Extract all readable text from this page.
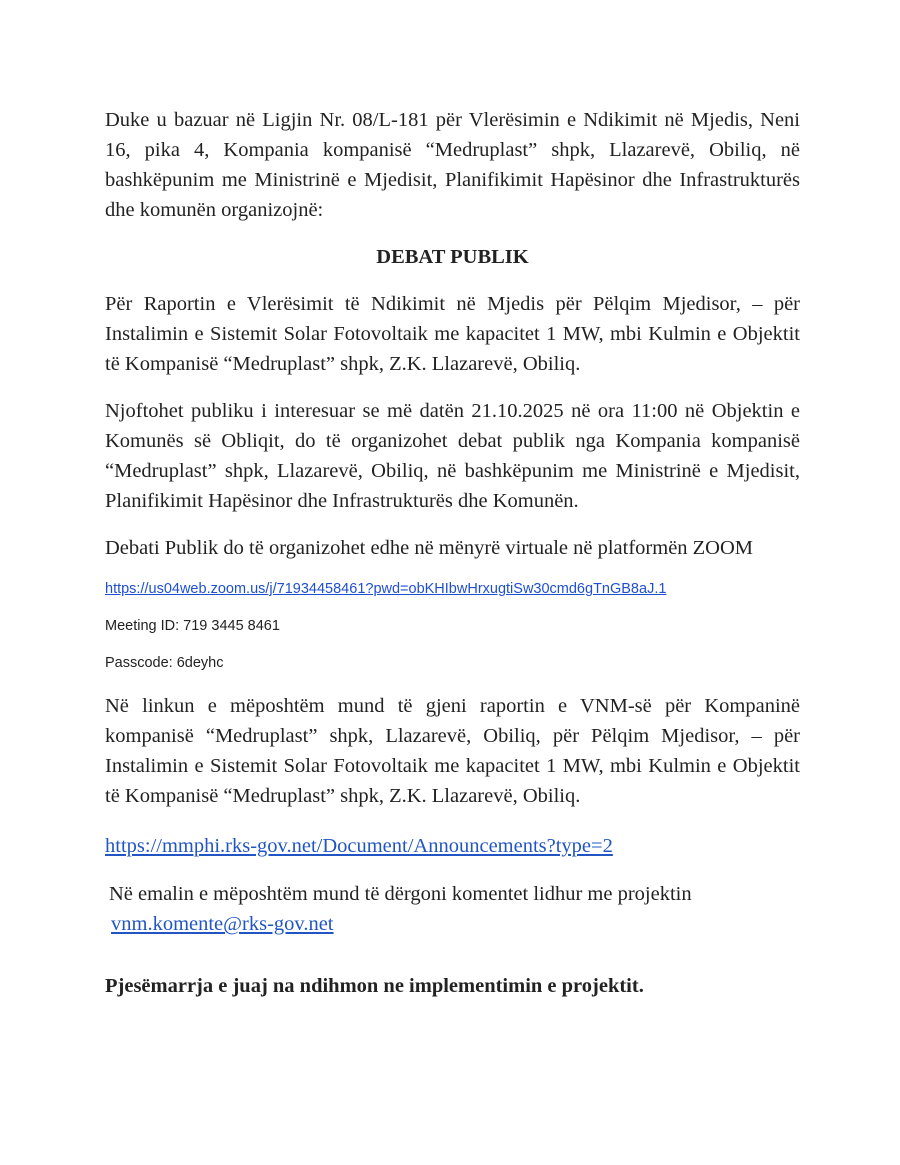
Duke u bazuar në Ligjin Nr. 08/L-181 për Vlerësimin e Ndikimit në Mjedis, Neni 16, pika 4, Kompania kompanisë “Medruplast” shpk, Llazarevë, Obiliq, në bashkëpunim me Ministrinë e Mjedisit, Planifikimit Hapësinor dhe Infrastrukturës dhe komunën organizojnë:

DEBAT PUBLIK

Për Raportin e Vlerësimit të Ndikimit në Mjedis për Pëlqim Mjedisor, – për Instalimin e Sistemit Solar Fotovoltaik me kapacitet 1 MW, mbi Kulmin e Objektit të Kompanisë “Medruplast” shpk, Z.K. Llazarevë, Obiliq.

Njoftohet publiku i interesuar se më datën 21.10.2025 në ora 11:00 në Objektin e Komunës së Obliqit, do të organizohet debat publik nga Kompania kompanisë “Medruplast” shpk, Llazarevë, Obiliq, në bashkëpunim me Ministrinë e Mjedisit, Planifikimit Hapësinor dhe Infrastrukturës dhe Komunën.

Debati Publik do të organizohet edhe në mënyrë virtuale në platformën ZOOM

https://us04web.zoom.us/j/71934458461?pwd=obKHIbwHrxugtiSw30cmd6gTnGB8aJ.1

Meeting ID: 719 3445 8461

Passcode: 6deyhc

Në linkun e mëposhtëm mund të gjeni raportin e VNM-së për Kompaninë kompanisë “Medruplast” shpk, Llazarevë, Obiliq, për Pëlqim Mjedisor, – për Instalimin e Sistemit Solar Fotovoltaik me kapacitet 1 MW, mbi Kulmin e Objektit të Kompanisë “Medruplast” shpk, Z.K. Llazarevë, Obiliq.

https://mmphi.rks-gov.net/Document/Announcements?type=2

Në emalin e mëposhtëm mund të dërgoni komentet lidhur me projektin

vnm.komente@rks-gov.net

Pjesëmarrja e juaj na ndihmon ne implementimin e projektit.
